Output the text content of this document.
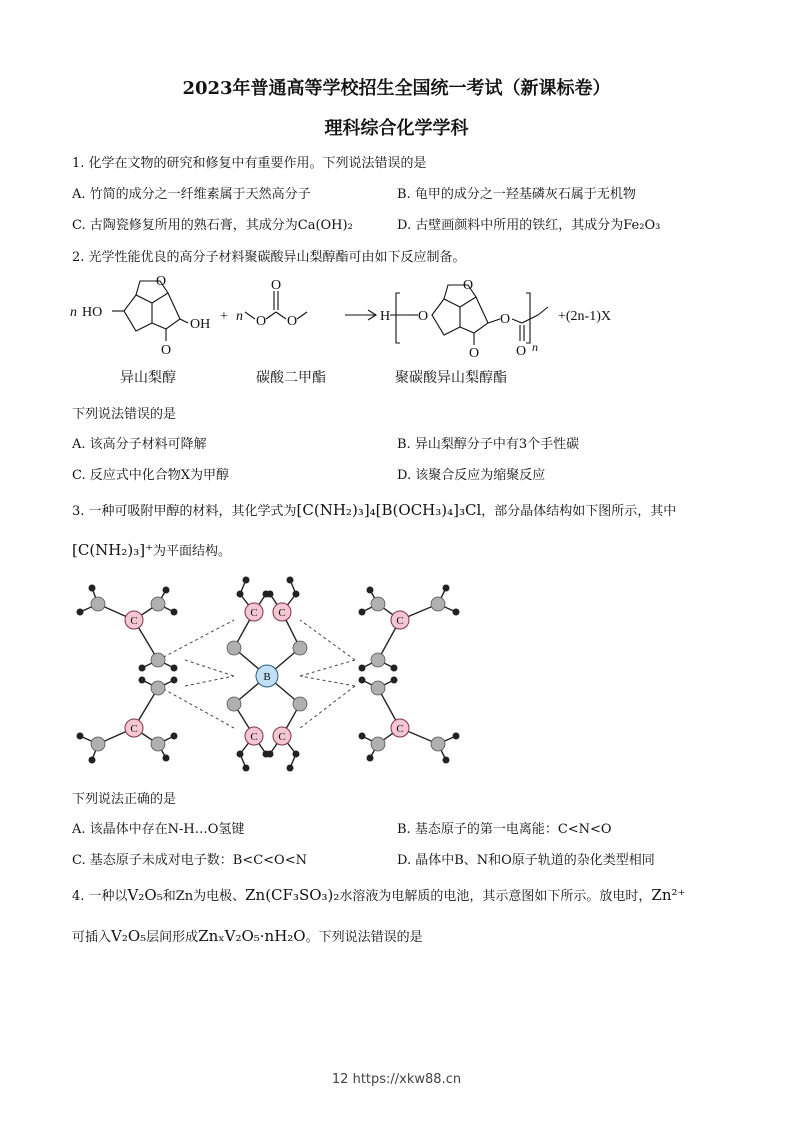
2023年普通高等学校招生全国统一考试（新课标卷）
理科综合化学学科
1. 化学在文物的研究和修复中有重要作用。下列说法错误的是
A. 竹简的成分之一纤维素属于天然高分子	B. 龟甲的成分之一羟基磷灰石属于无机物
C. 古陶瓷修复所用的熟石膏，其成分为Ca(OH)₂	D. 古壁画颜料中所用的铁红，其成分为Fe₂O₃
2. 光学性能优良的高分子材料聚碳酸异山梨醇酯可由如下反应制备。
n HO
O
O
OH
+ n O O
O
H O
O
O
O
O n
+(2n-1)X
异山梨醇	碳酸二甲酯	聚碳酸异山梨醇酯
下列说法错误的是
A. 该高分子材料可降解	B. 异山梨醇分子中有3个手性碳
C. 反应式中化合物X为甲醇	D. 该聚合反应为缩聚反应
3. 一种可吸附甲醇的材料，其化学式为[C(NH₂)₃]₄[B(OCH₃)₄]₃Cl，部分晶体结构如下图所示，其中
[C(NH₂)₃]⁺为平面结构。
C
C
C
C
C C
C C
B
下列说法正确的是
A. 该晶体中存在N-H…O氢键	B. 基态原子的第一电离能：C<N<O
C. 基态原子未成对电子数：B<C<O<N	D. 晶体中B、N和O原子轨道的杂化类型相同
4. 一种以V₂O₅和Zn为电极、Zn(CF₃SO₃)₂水溶液为电解质的电池，其示意图如下所示。放电时，Zn²⁺
可插入V₂O₅层间形成ZnₓV₂O₅·nH₂O。下列说法错误的是
12 https://xkw88.cn
